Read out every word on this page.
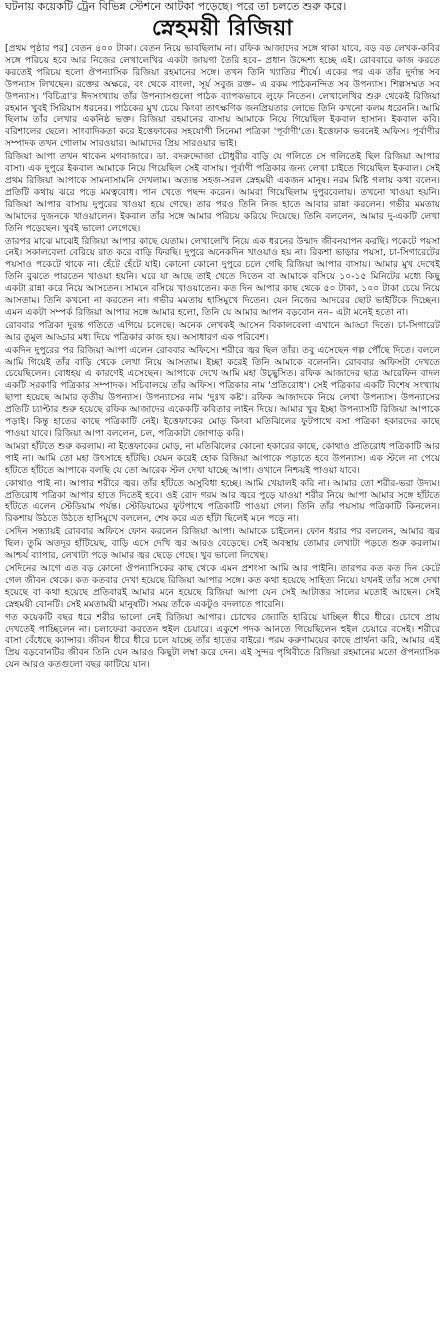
ঘটনায় কয়েকটি ট্রেন বিভিন্ন স্টেশনে আটকা পড়েছে। পরে তা চলতে শুরু করে।
স্নেহময়ী রিজিয়া

[প্রথম পৃষ্ঠার পর] বেতন ৪০০ টাকা। বেতন নিয়ে ভাবছিলাম না। রফিক আজাদের সঙ্গে থাকা যাবে, বড় বড় লেখক-কবির সঙ্গে পরিচয় হবে আর নিজের লেখালেখির একটা জায়গা তৈরি হবে– প্রধান উদ্দেশ্য হচ্ছে এই। রোববারে কাজ করতে করতেই পরিচয় হলো ঔপন্যাসিক রিজিয়া রহমানের সঙ্গে। তখন তিনি খ্যাতির শীর্ষে। একের পর এক তাঁর দুর্দান্ত সব উপন্যাস লিখছেন। রক্তের অক্ষরে, বং থেকে বাংলা, সূর্য সবুজ রক্ত– এ রকম পাঠকনন্দিত সব উপন্যাস। শিল্পসম্মত সব উপন্যাস। 'বিচিত্রা'র ঈদসংখ্যায় তাঁর উপন্যাসগুলো পাঠক ব্যাপকভাবে লুফে নিতেন। লেখালেখির শুরু থেকেই রিজিয়া রহমান খুবই সিরিয়াস ধরনের। পাঠকের মুখ চেয়ে কিংবা তাৎক্ষণিক জনপ্রিয়তার লোভে তিনি কখনো কলম ধরেননি। আমি ছিলাম তাঁর লেখার একনিষ্ঠ ভক্ত। রিজিয়া রহমানের বাসায় আমাকে নিয়ে গিয়েছিল ইকবাল হাসান। ইকবাল কবি। বরিশালের ছেলে। সাংবাদিকতা করে ইত্তেফাকের সহযোগী সিনেমা পত্রিকা 'পূর্বাণী'তে। ইত্তেফাক ভবনেই অফিস। পূর্বাণীর সম্পাদক তখন গোলাম সারওয়ার। আমাদের প্রিয় সারওয়ার ভাই।

রিজিয়া আপা তখন থাকেন মগবাজারে। ডা. বদরুদ্দোজা চৌধুরীর বাড়ি যে গলিতে সে গলিতেই ছিল রিজিয়া আপার বাসা। এক দুপুরে ইকবাল আমাকে নিয়ে গিয়েছিল সেই বাসায়। পূর্বাণী পত্রিকার জন্য লেখা চাইতে গিয়েছিল ইকবাল। সেই প্রথম রিজিয়া আপাকে সামনাসামনি দেখলাম। অত্যন্ত সহজ-সরল স্নেহময়ী একজন মানুষ। নরম মিষ্টি গলায় কথা বলেন। প্রতিটি কথায় ঝরে পড়ে মমত্ববোধ। পান খেতে পছন্দ করেন। আমরা গিয়েছিলাম দুপুরবেলায়। তখনো খাওয়া হয়নি। রিজিয়া আপার বাসায় দুপুরের খাওয়া হয়ে গেছে। তার পরও তিনি নিজ হাতে আবার রান্না করলেন। গভীর মমতায় আমাদের দুজনকে খাওয়ালেন। ইকবাল তাঁর সঙ্গে আমার পরিচয় করিয়ে দিয়েছে। তিনি বললেন, আমার দু-একটি লেখা তিনি পড়েছেন। খুবই ভালো লেগেছে।

তারপর মাঝে মাঝেই রিজিয়া আপার কাছে যেতাম। লেখালেখি নিয়ে এক ধরনের উন্মাদ জীবনযাপন করছি। পকেটে পয়সা নেই। সকালবেলা বেরিয়ে রাত করে বাড়ি ফিরছি। দুপুরে অনেকদিন খাওয়াও হয় না। রিকশা ভাড়ার পয়সা, চা-সিগারেটের পয়সাও পকেটে থাকে না। হেঁটে হেঁটে যাই। কোনো কোনো দুপুরে চলে গেছি রিজিয়া আপার বাসায়। আমার মুখ দেখেই তিনি বুঝতে পারতেন খাওয়া হয়নি। ঘরে যা আছে তাই খেতে দিতেন বা আমাকে বসিয়ে ১০-১৫ মিনিটের মধ্যে কিছু একটা রান্না করে নিয়ে আসতেন। সামনে বসিয়ে খাওয়াতেন। কত দিন আপার কাছ থেকে ৫০ টাকা, ১০০ টাকা চেয়ে নিয়ে আসতাম। তিনি কখনো না করতেন না। গভীর মমতায় হাসিমুখে দিতেন। যেন নিজের আদরের ছোট ভাইটিকে দিচ্ছেন। এমন একটা সম্পর্ক রিজিয়া আপার সঙ্গে আমার হলো, তিনি যে আমার আপন বড়বোন নন– এটা মনেই হতো না।

রোববার পত্রিকা দুরন্ত গতিতে এগিয়ে চলেছে। অনেক লেখকই আসেন বিকালবেলা এখানে আড্ডা দিতে। চা-সিগারেট আর তুমুল আড্ডার মধ্য দিয়ে পত্রিকার কাজ হয়। অসাধারণ এক পরিবেশ।

একদিন দুপুরের পর রিজিয়া আপা এলেন রোববার অফিসে। শরীরে জ্বর ছিল তাঁর। তবু এসেছেন গল্প পৌঁছে দিতে। বললে আমি গিয়েই তাঁর বাড়ি থেকে লেখা নিয়ে আসতাম। ইচ্ছা করেই তিনি আমাকে বলেননি। রোববার অফিসটা দেখতে চেয়েছিলেন। বোধহয় এ কারণেই এসেছেন। আপাকে দেখে আমি মহা উচ্ছ্বসিত। রফিক আজাদের ছাত্র আরেফিন বাদল একটি সরকারি পত্রিকার সম্পাদক। সচিবালয়ে তাঁর অফিস। পত্রিকার নাম 'প্রতিরোধ'। সেই পত্রিকার একটি বিশেষ সংখ্যায় ছাপা হয়েছে আমার তৃতীয় উপন্যাস। উপন্যাসের নাম 'দুঃখ কষ্ট'। রফিক আজাদকে নিয়ে লেখা উপন্যাস। উপন্যাসের প্রতিটি চ্যাপ্টার শুরু হয়েছে রফিক আজাদের একেকটি কবিতার লাইন দিয়ে। আমার খুব ইচ্ছা উপন্যাসটি রিজিয়া আপাকে পড়াই। কিন্তু হাতের কাছে পত্রিকাটি নেই। ইত্তেফাকের মোড় কিংবা মতিঝিলের ফুটপাথে বসা পত্রিকা হকারদের কাছে পাওয়া যাবে। রিজিয়া আপা বললেন, চল, পত্রিকাটা জোগাড় করি।

আমরা হাঁটতে শুরু করলাম। না ইত্তেফাকের মোড়, না মতিঝিলের কোনো হকারের কাছে, কোথাও প্রতিরোধ পত্রিকাটি আর পাই না। আমি তো মহা উৎসাহে হাঁটছি। যেমন করেই হোক রিজিয়া আপাকে পড়াতে হবে উপন্যাস। এক স্টলে না পেয়ে হাঁটতে হাঁটতে আপাকে বলছি যে তো আরেক স্টল দেখা যাচ্ছে আপা। ওখানে নিশ্চয়ই পাওয়া যাবে।

কোথাও পাই না। আপার শরীরে জ্বর। তাঁর হাঁটতে অসুবিধা হচ্ছে। আমি খেয়ালই করি না। আমার তো শরীর-ভরা উদ্যম। প্রতিরোধ পত্রিকা আপার হাতে দিতেই হবে। ওই রোদ গরম আর জ্বরে পুড়ে যাওয়া শরীর নিয়ে আপা আমার সঙ্গে হাঁটতে হাঁটতে এলেন স্টেডিয়াম পর্যন্ত। স্টেডিয়ামের ফুটপাথে পত্রিকাটি পাওয়া গেল। তিনি তাঁর পয়সায় পত্রিকাটি কিনলেন। রিকশায় উঠতে উঠতে হাসিমুখে বললেন, শেষ করে এত হাঁটা ছিলেই মনে পড়ে না।

সেদিন সন্ধ্যায়ই রোববার অফিসে ফোন করলেন রিজিয়া আপা। আমাকে চাইলেন। ফোন ধরার পর বললেন, আমার জ্বর ছিল। তুমি অতদূর হাঁটিয়েছ, বাড়ি এসে দেখি জ্বর আরও বেড়েছে। সেই অবস্থায় তোমার লেখাটা পড়তে শুরু করলাম। আশ্চর্য ব্যাপার, লেখাটা পড়ে আমার জ্বর ছেড়ে গেছে। খুব ভালো লিখেছ।

সেদিনের আগে এত বড় কোনো ঔপন্যাসিকের কাছ থেকে এমন প্রশংসা আমি আর পাইনি। তারপর কত কত দিন কেটে গেল জীবন থেকে। কত কতবার দেখা হয়েছে রিজিয়া আপার সঙ্গে। কত কথা হয়েছে সাহিত্য নিয়ে। যখনই তাঁর সঙ্গে দেখা হয়েছে বা কথা হয়েছে প্রতিবারই আমার মনে হয়েছে রিজিয়া আপা যেন সেই আটাত্তর সালের মতোই আছেন। সেই স্নেহময়ী বোনটি। সেই মমতাময়ী মানুষটি। সময় তাঁকে একটুও বদলাতে পারেনি।

গত কয়েকটি বছর ধরে শরীর ভালো নেই রিজিয়া আপার। চোখের জ্যোতি হারিয়ে যাচ্ছিল ধীরে ধীরে। চোখে প্রায় দেখতেই পাচ্ছিলেন না। চলাফেরা করতেন হুইল চেয়ারে। একুশে পদক আনতে গিয়েছিলেন হুইল চেয়ারে বসেই। শরীরে বাসা বেঁধেছে ক্যান্সার। জীবন ধীরে ধীরে চলে যাচ্ছে তাঁর হাতের বাইরে। পরম করুণাময়ের কাছে প্রার্থনা করি, আমার এই প্রিয় বড়বোনটির জীবন তিনি যেন আরও কিছুটা লম্বা করে দেন। এই সুন্দর পৃথিবীতে রিজিয়া রহমানের মতো ঔপন্যাসিক যেন আরও কতগুলো বছর কাটিয়ে যান।
